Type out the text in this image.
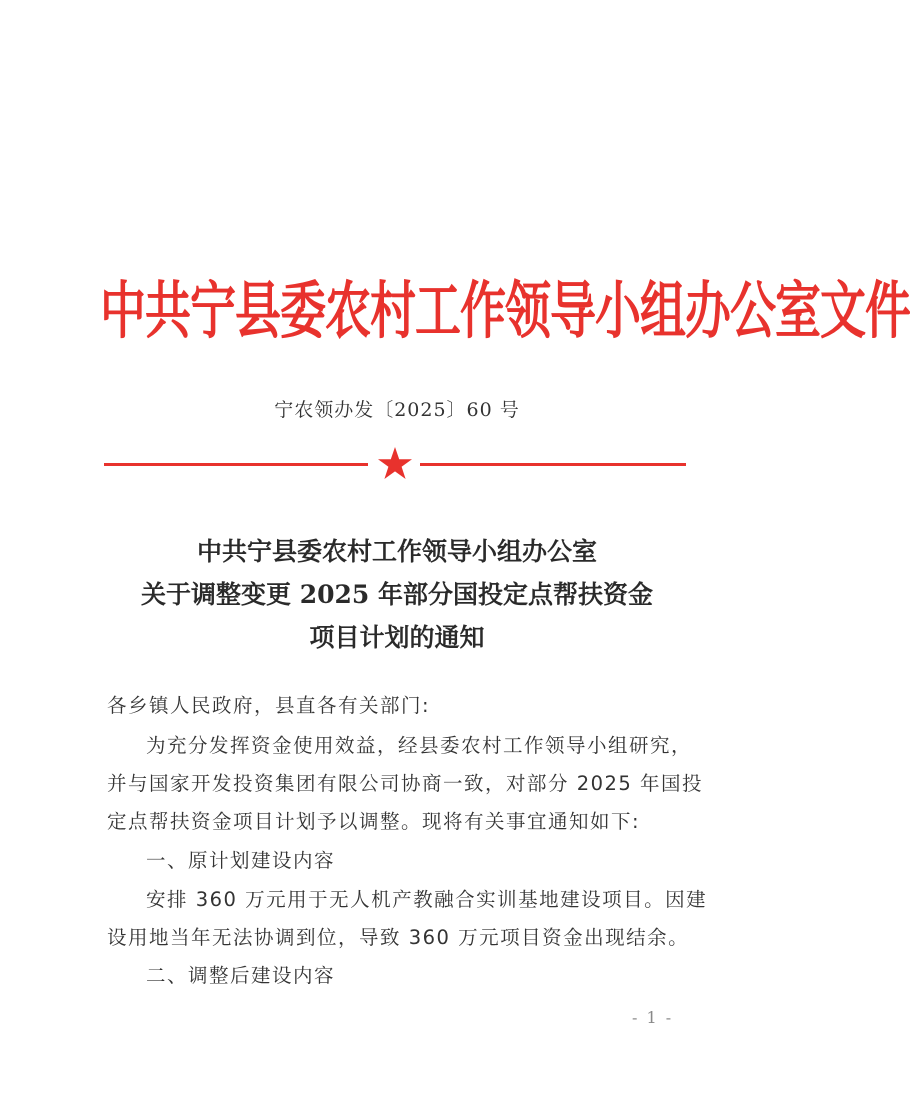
中共宁县委农村工作领导小组办公室文件
宁农领办发〔2025〕60 号
中共宁县委农村工作领导小组办公室
关于调整变更 2025 年部分国投定点帮扶资金
项目计划的通知
各乡镇人民政府，县直各有关部门:
为充分发挥资金使用效益，经县委农村工作领导小组研究，
并与国家开发投资集团有限公司协商一致，对部分 2025 年国投
定点帮扶资金项目计划予以调整。现将有关事宜通知如下:
一、原计划建设内容
安排 360 万元用于无人机产教融合实训基地建设项目。因建
设用地当年无法协调到位，导致 360 万元项目资金出现结余。
二、调整后建设内容
- 1 -
